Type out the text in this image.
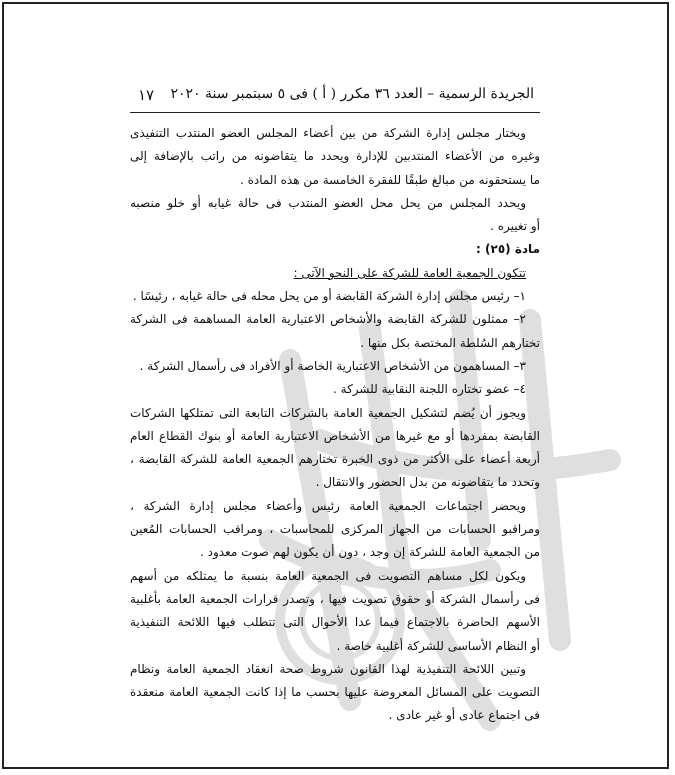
الجريدة الرسمية – العدد ٣٦ مكرر ( أ ) فى ٥ سبتمبر سنة ٢٠٢٠
١٧
ويختار مجلس إدارة الشركة من بين أعضاء المجلس العضو المنتدب التنفيذى
وغيره من الأعضاء المنتدبين للإدارة ويحدد ما يتقاضونه من راتب بالإضافة إلى
ما يستحقونه من مبالغ طبقًا للفقرة الخامسة من هذه المادة .
ويحدد المجلس من يحل محل العضو المنتدب فى حالة غيابه أو خلو منصبه
أو تغييره .
مادة (٢٥) :
تتكون الجمعية العامة للشركة على النحو الآتى :
١– رئيس مجلس إدارة الشركة القابضة أو من يحل محله فى حالة غيابه ، رئيسًا .
٢– ممثلون للشركة القابضة والأشخاص الاعتبارية العامة المساهمة فى الشركة
تختارهم السُلطة المختصة بكل منها .
٣– المساهمون من الأشخاص الاعتبارية الخاصة أو الأفراد فى رأسمال الشركة .
٤– عضو تختاره اللجنة النقابية للشركة .
ويجوز أن يُضم لتشكيل الجمعية العامة بالشركات التابعة التى تمتلكها الشركات
القابضة بمفردها أو مع غيرها من الأشخاص الاعتبارية العامة أو بنوك القطاع العام
أربعة أعضاء على الأكثر من ذوى الخبرة تختارهم الجمعية العامة للشركة القابضة ،
وتحدد ما يتقاضونه من بدل الحضور والانتقال .
ويحضر اجتماعات الجمعية العامة رئيس وأعضاء مجلس إدارة الشركة ،
ومراقبو الحسابات من الجهاز المركزى للمحاسبات ، ومراقب الحسابات المُعين
من الجمعية العامة للشركة إن وجد ، دون أن يكون لهم صوت معدود .
ويكون لكل مساهم التصويت فى الجمعية العامة بنسبة ما يمتلكه من أسهم
فى رأسمال الشركة أو حقوق تصويت فيها ، وتصدر قرارات الجمعية العامة بأغلبية
الأسهم الحاضرة بالاجتماع فيما عدا الأحوال التى تتطلب فيها اللائحة التنفيذية
أو النظام الأساسى للشركة أغلبية خاصة .
وتبين اللائحة التنفيذية لهذا القانون شروط صحة انعقاد الجمعية العامة ونظام
التصويت على المسائل المعروضة عليها بحسب ما إذا كانت الجمعية العامة منعقدة
فى اجتماع عادى أو غير عادى .
